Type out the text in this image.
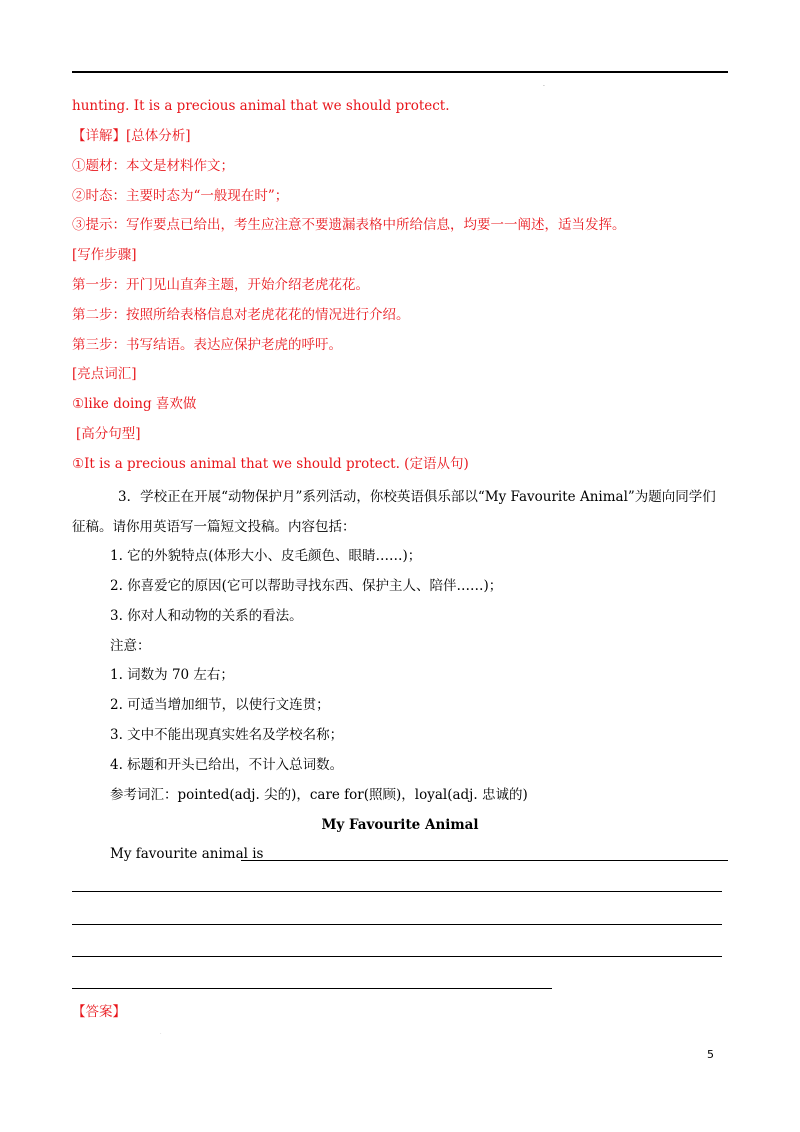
·
hunting. It is a precious animal that we should protect.
【详解】[总体分析]
①题材：本文是材料作文；
②时态：主要时态为“一般现在时”；
③提示：写作要点已给出，考生应注意不要遗漏表格中所给信息，均要一一阐述，适当发挥。
[写作步骤]
第一步：开门见山直奔主题，开始介绍老虎花花。
第二步：按照所给表格信息对老虎花花的情况进行介绍。
第三步：书写结语。表达应保护老虎的呼吁。
[亮点词汇]
①like doing 喜欢做
[高分句型]
①It is a precious animal that we should protect. (定语从句)
3．学校正在开展“动物保护月”系列活动，你校英语俱乐部以“My Favourite Animal”为题向同学们
征稿。请你用英语写一篇短文投稿。内容包括：
1. 它的外貌特点(体形大小、皮毛颜色、眼睛……)；
2. 你喜爱它的原因(它可以帮助寻找东西、保护主人、陪伴……)；
3. 你对人和动物的关系的看法。
注意：
1. 词数为 70 左右；
2. 可适当增加细节，以使行文连贯；
3. 文中不能出现真实姓名及学校名称；
4. 标题和开头已给出，不计入总词数。
参考词汇：pointed(adj. 尖的)，care for(照顾)，loyal(adj. 忠诚的)
My Favourite Animal
My favourite animal is
【答案】
·
5
